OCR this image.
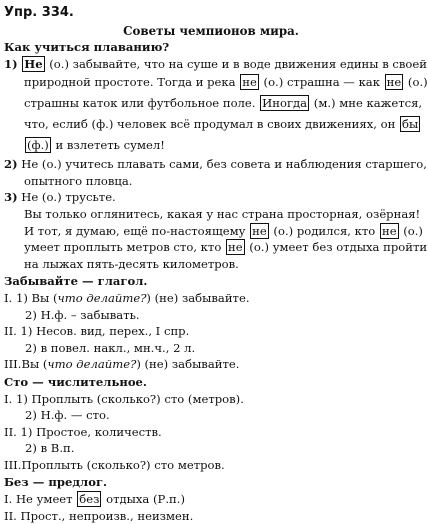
Упр. 334.
Советы чемпионов мира.
Как учиться плаванию?
1) Не (о.) забывайте, что на суше и в воде движения едины в своей
природной простоте. Тогда и река не (о.) страшна — как не (о.)
страшны каток или футбольное поле. Иногда (м.) мне кажется,
что, еслиб (ф.) человек всё продумал в своих движениях, он бы
(ф.) и взлететь сумел!
2) Не (о.) учитесь плавать сами, без совета и наблюдения старшего,
опытного пловца.
3) Не (о.) трусьте.
Вы только оглянитесь, какая у нас страна просторная, озёрная!
И тот, я думаю, ещё по-настоящему не (о.) родился, кто не (о.)
умеет проплыть метров сто, кто не (о.) умеет без отдыха пройти
на лыжах пять-десять километров.
Забывайте — глагол.
I. 1) Вы (что делайте?) (не) забывайте.
2) Н.ф. – забывать.
II. 1) Несов. вид, перех., I спр.
2) в повел. накл., мн.ч., 2 л.
III.Вы (что делайте?) (не) забывайте.
Сто — числительное.
I. 1) Проплыть (сколько?) сто (метров).
2) Н.ф. — сто.
II. 1) Простое, количеств.
2) в В.п.
III.Проплыть (сколько?) сто метров.
Без — предлог.
I. Не умеет без отдыха (Р.п.)
II. Прост., непроизв., неизмен.
